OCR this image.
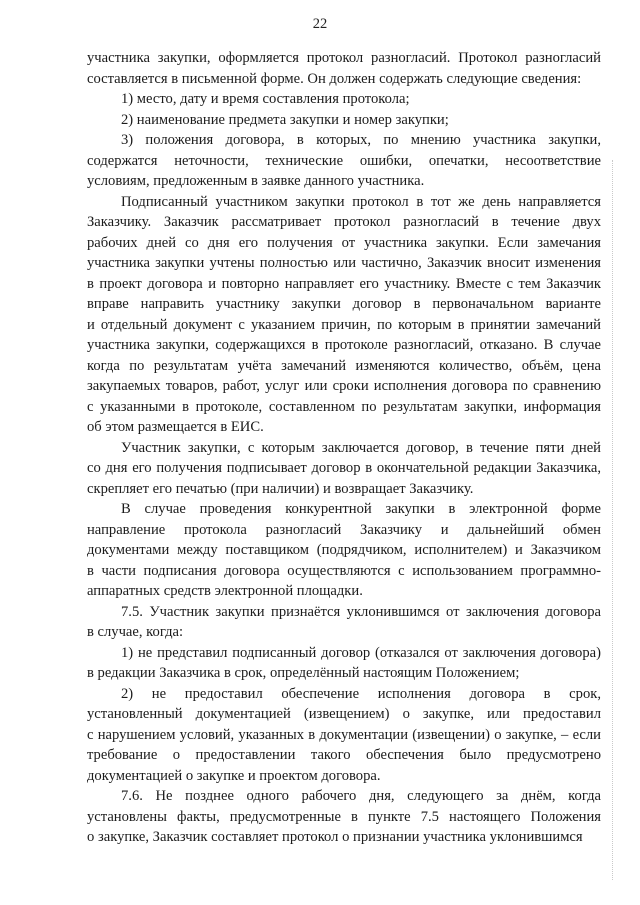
22
участника закупки, оформляется протокол разногласий. Протокол разногласий
составляется в письменной форме. Он должен содержать следующие сведения:
1) место, дату и время составления протокола;
2) наименование предмета закупки и номер закупки;
3) положения договора, в которых, по мнению участника закупки,
содержатся неточности, технические ошибки, опечатки, несоответствие
условиям, предложенным в заявке данного участника.
Подписанный участником закупки протокол в тот же день направляется
Заказчику. Заказчик рассматривает протокол разногласий в течение двух
рабочих дней со дня его получения от участника закупки. Если замечания
участника закупки учтены полностью или частично, Заказчик вносит изменения
в проект договора и повторно направляет его участнику. Вместе с тем Заказчик
вправе направить участнику закупки договор в первоначальном варианте
и отдельный документ с указанием причин, по которым в принятии замечаний
участника закупки, содержащихся в протоколе разногласий, отказано. В случае
когда по результатам учёта замечаний изменяются количество, объём, цена
закупаемых товаров, работ, услуг или сроки исполнения договора по сравнению
с указанными в протоколе, составленном по результатам закупки, информация
об этом размещается в ЕИС.
Участник закупки, с которым заключается договор, в течение пяти дней
со дня его получения подписывает договор в окончательной редакции Заказчика,
скрепляет его печатью (при наличии) и возвращает Заказчику.
В случае проведения конкурентной закупки в электронной форме
направление протокола разногласий Заказчику и дальнейший обмен
документами между поставщиком (подрядчиком, исполнителем) и Заказчиком
в части подписания договора осуществляются с использованием программно-
аппаратных средств электронной площадки.
7.5. Участник закупки признаётся уклонившимся от заключения договора
в случае, когда:
1) не представил подписанный договор (отказался от заключения договора)
в редакции Заказчика в срок, определённый настоящим Положением;
2) не предоставил обеспечение исполнения договора в срок,
установленный документацией (извещением) о закупке, или предоставил
с нарушением условий, указанных в документации (извещении) о закупке, – если
требование о предоставлении такого обеспечения было предусмотрено
документацией о закупке и проектом договора.
7.6. Не позднее одного рабочего дня, следующего за днём, когда
установлены факты, предусмотренные в пункте 7.5 настоящего Положения
о закупке, Заказчик составляет протокол о признании участника уклонившимся
